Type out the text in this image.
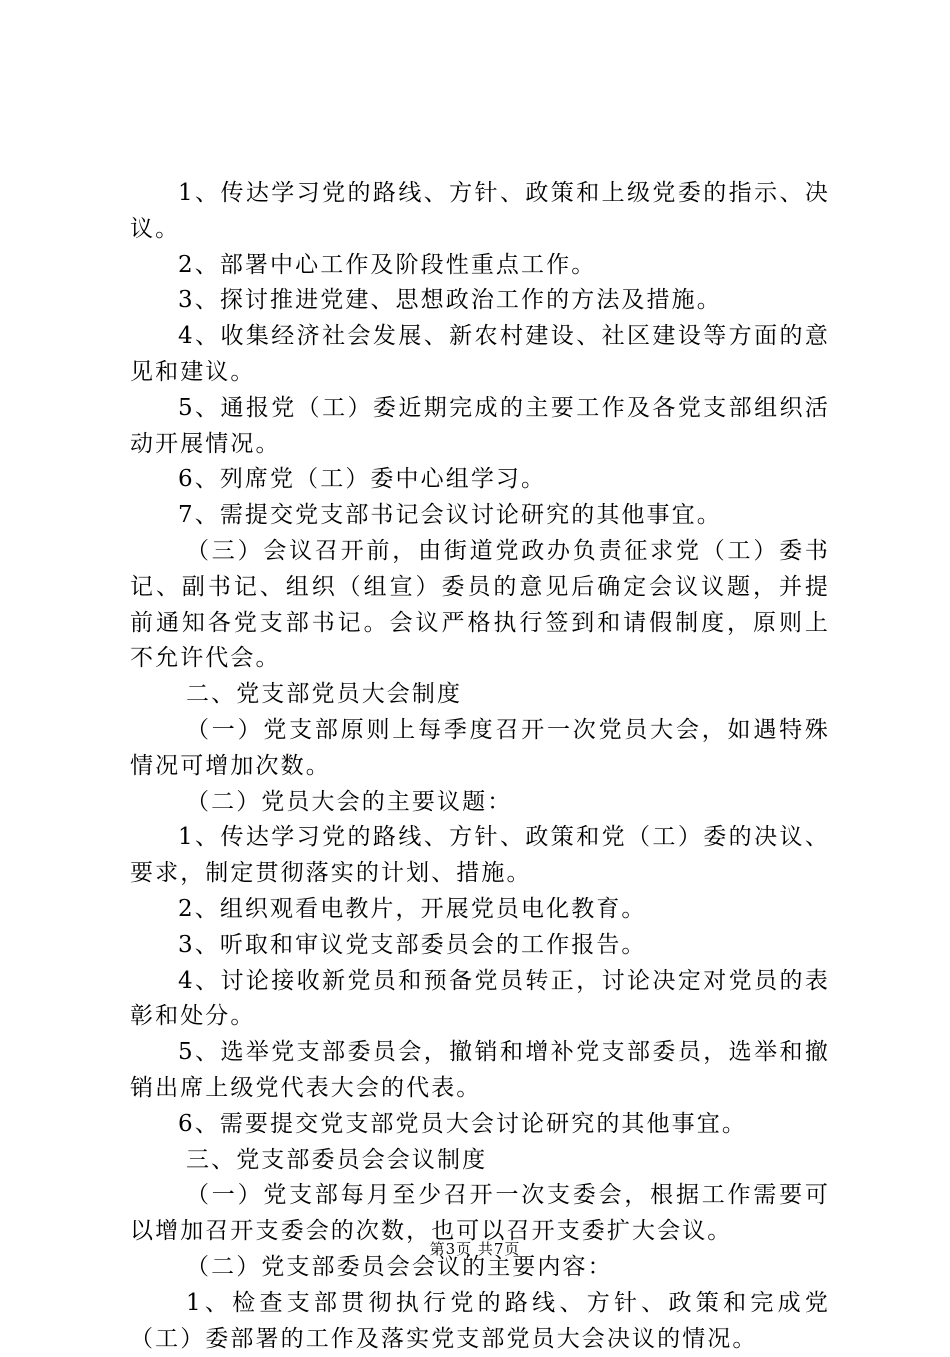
1、传达学习党的路线、方针、政策和上级党委的指示、决议。

2、部署中心工作及阶段性重点工作。

3、探讨推进党建、思想政治工作的方法及措施。

4、收集经济社会发展、新农村建设、社区建设等方面的意见和建议。

5、通报党（工）委近期完成的主要工作及各党支部组织活动开展情况。

6、列席党（工）委中心组学习。

7、需提交党支部书记会议讨论研究的其他事宜。

（三）会议召开前，由街道党政办负责征求党（工）委书记、副书记、组织（组宣）委员的意见后确定会议议题，并提前通知各党支部书记。会议严格执行签到和请假制度，原则上不允许代会。

二、党支部党员大会制度

（一）党支部原则上每季度召开一次党员大会，如遇特殊情况可增加次数。

（二）党员大会的主要议题：

1、传达学习党的路线、方针、政策和党（工）委的决议、要求，制定贯彻落实的计划、措施。

2、组织观看电教片，开展党员电化教育。

3、听取和审议党支部委员会的工作报告。

4、讨论接收新党员和预备党员转正，讨论决定对党员的表彰和处分。

5、选举党支部委员会，撤销和增补党支部委员，选举和撤销出席上级党代表大会的代表。

6、需要提交党支部党员大会讨论研究的其他事宜。

三、党支部委员会会议制度

（一）党支部每月至少召开一次支委会，根据工作需要可以增加召开支委会的次数，也可以召开支委扩大会议。

（二）党支部委员会会议的主要内容：

1、检查支部贯彻执行党的路线、方针、政策和完成党（工）委部署的工作及落实党支部党员大会决议的情况。

第3页 共7页
